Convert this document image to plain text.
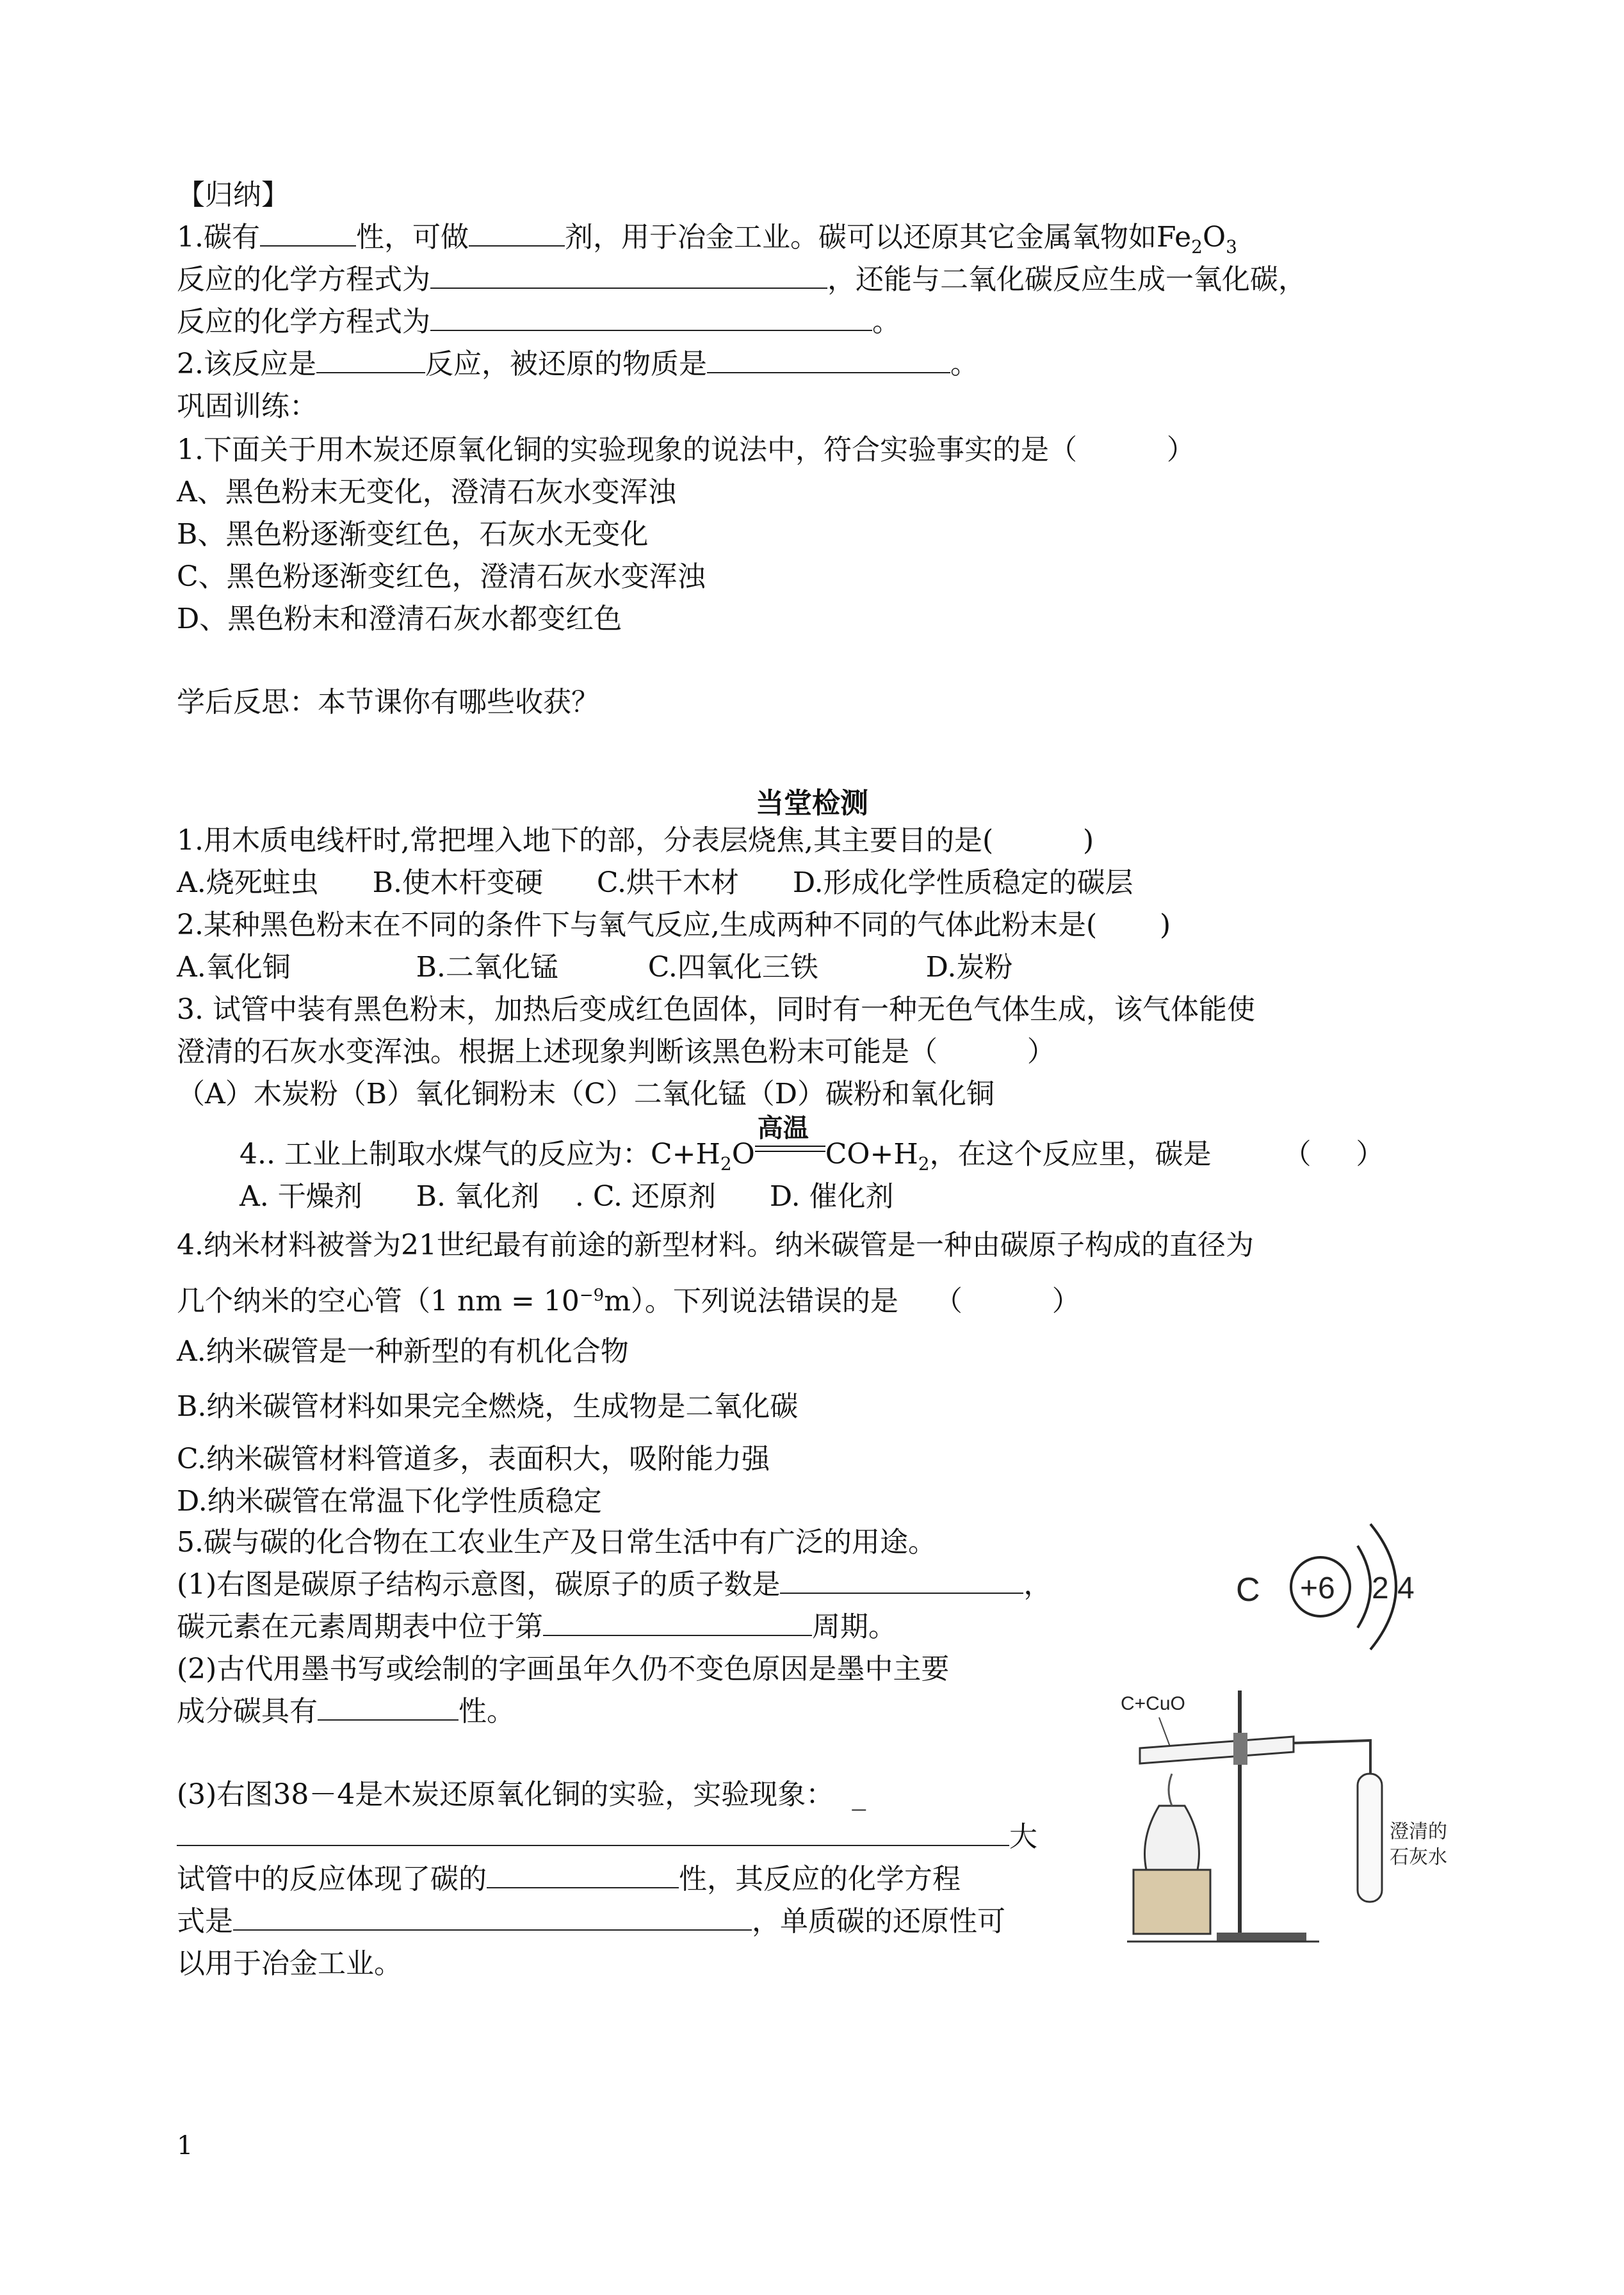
【归纳】
1.碳有	性，可做	剂，用于冶金工业。碳可以还原其它金属氧物如$Fe_2O_3$
反应的化学方程式为	，还能与二氧化碳反应生成一氧化碳，
反应的化学方程式为	。
2.该反应是	反应，被还原的物质是	。
巩固训练：
1.下面关于用木炭还原氧化铜的实验现象的说法中，符合实验事实的是（          ）
A、黑色粉末无变化，澄清石灰水变浑浊
B、黑色粉逐渐变红色，石灰水无变化
C、黑色粉逐渐变红色，澄清石灰水变浑浊
D、黑色粉末和澄清石灰水都变红色
学后反思：本节课你有哪些收获？
当堂检测
1.用木质电线杆时,常把埋入地下的部，分表层烧焦,其主要目的是(          )
A.烧死蛀虫      B.使木杆变硬      C.烘干木材      D.形成化学性质稳定的碳层
2.某种黑色粉末在不同的条件下与氧气反应,生成两种不同的气体此粉末是(       )
A.氧化铜              B.二氧化锰          C.四氧化三铁            D.炭粉
3. 试管中装有黑色粉末，加热后变成红色固体，同时有一种无色气体生成，该气体能使
澄清的石灰水变浑浊。根据上述现象判断该黑色粉末可能是（          ）
（A）木炭粉（B）氧化铜粉末（C）二氧化锰（D）碳粉和氧化铜
4.. 工业上制取水煤气的反应为：$C+H_2O$
高温
$CO+H_2$，在这个反应里，碳是        （     ）
A. 干燥剂      B. 氧化剂    . C. 还原剂      D. 催化剂
4.纳米材料被誉为21世纪最有前途的新型材料。纳米碳管是一种由碳原子构成的直径为
几个纳米的空心管（1 nm = $10^{-9}m$）。下列说法错误的是    （          ）
A.纳米碳管是一种新型的有机化合物
B.纳米碳管材料如果完全燃烧，生成物是二氧化碳
C.纳米碳管材料管道多，表面积大，吸附能力强
D.纳米碳管在常温下化学性质稳定
5.碳与碳的化合物在工农业生产及日常生活中有广泛的用途。
(1)右图是碳原子结构示意图，碳原子的质子数是	，
碳元素在元素周期表中位于第	周期。
(2)古代用墨书写或绘制的字画虽年久仍不变色原因是墨中主要
成分碳具有	性。
(3)右图38－4是木炭还原氧化铜的实验，实验现象：  _
大
试管中的反应体现了碳的	性，其反应的化学方程
式是	，单质碳的还原性可
以用于冶金工业。
C +6 2 4
C+CuO
澄清的
石灰水
1
